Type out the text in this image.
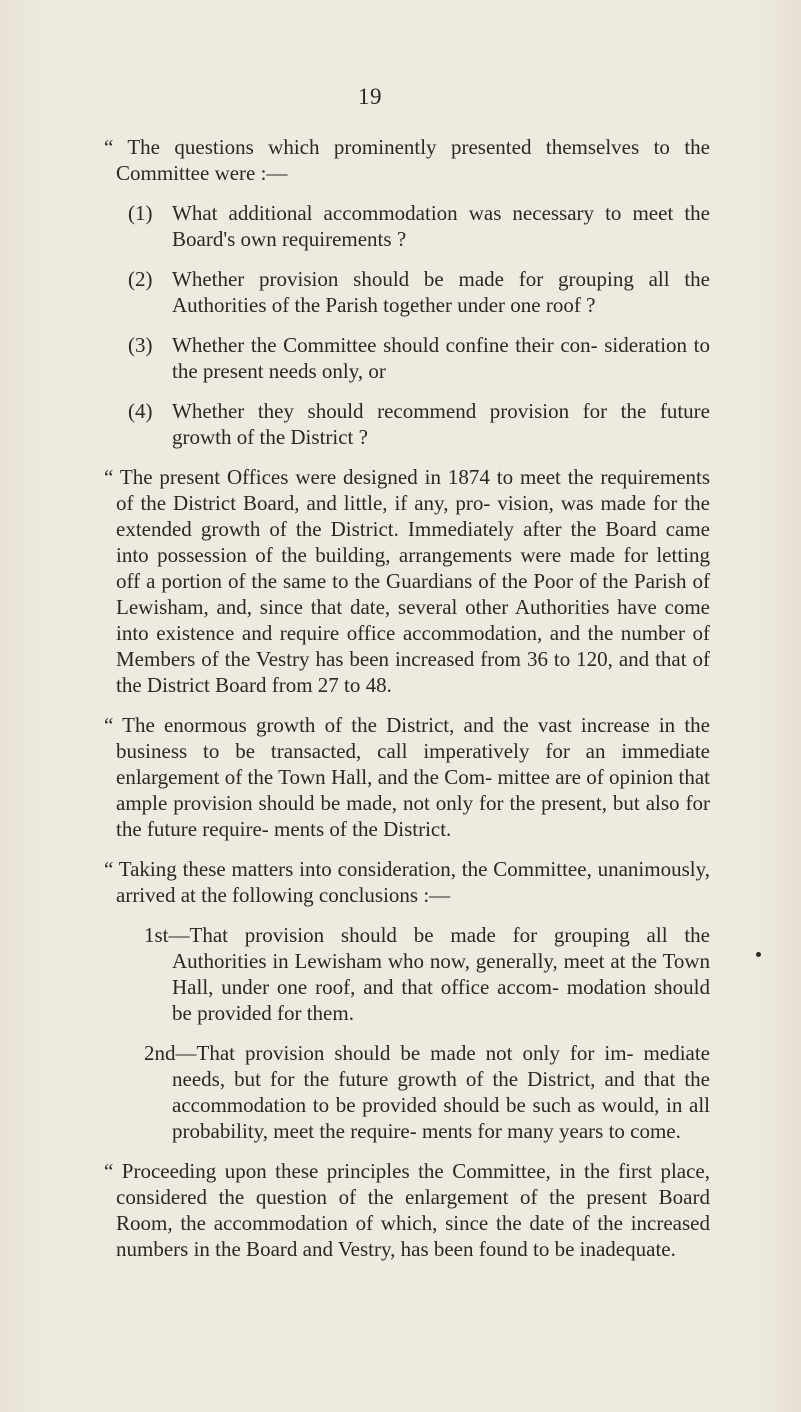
19

“ The questions which prominently presented themselves to the Committee were :—

(1) What additional accommodation was necessary to meet the Board's own requirements ?
(2) Whether provision should be made for grouping all the Authorities of the Parish together under one roof ?
(3) Whether the Committee should confine their con- sideration to the present needs only, or
(4) Whether they should recommend provision for the future growth of the District ?

“ The present Offices were designed in 1874 to meet the requirements of the District Board, and little, if any, pro- vision, was made for the extended growth of the District. Immediately after the Board came into possession of the building, arrangements were made for letting off a portion of the same to the Guardians of the Poor of the Parish of Lewisham, and, since that date, several other Authorities have come into existence and require office accommodation, and the number of Members of the Vestry has been increased from 36 to 120, and that of the District Board from 27 to 48.

“ The enormous growth of the District, and the vast increase in the business to be transacted, call imperatively for an immediate enlargement of the Town Hall, and the Com- mittee are of opinion that ample provision should be made, not only for the present, but also for the future require- ments of the District.

“ Taking these matters into consideration, the Committee, unanimously, arrived at the following conclusions :—

1st—That provision should be made for grouping all the Authorities in Lewisham who now, generally, meet at the Town Hall, under one roof, and that office accom- modation should be provided for them.

2nd—That provision should be made not only for im- mediate needs, but for the future growth of the District, and that the accommodation to be provided should be such as would, in all probability, meet the require- ments for many years to come.

“ Proceeding upon these principles the Committee, in the first place, considered the question of the enlargement of the present Board Room, the accommodation of which, since the date of the increased numbers in the Board and Vestry, has been found to be inadequate.
